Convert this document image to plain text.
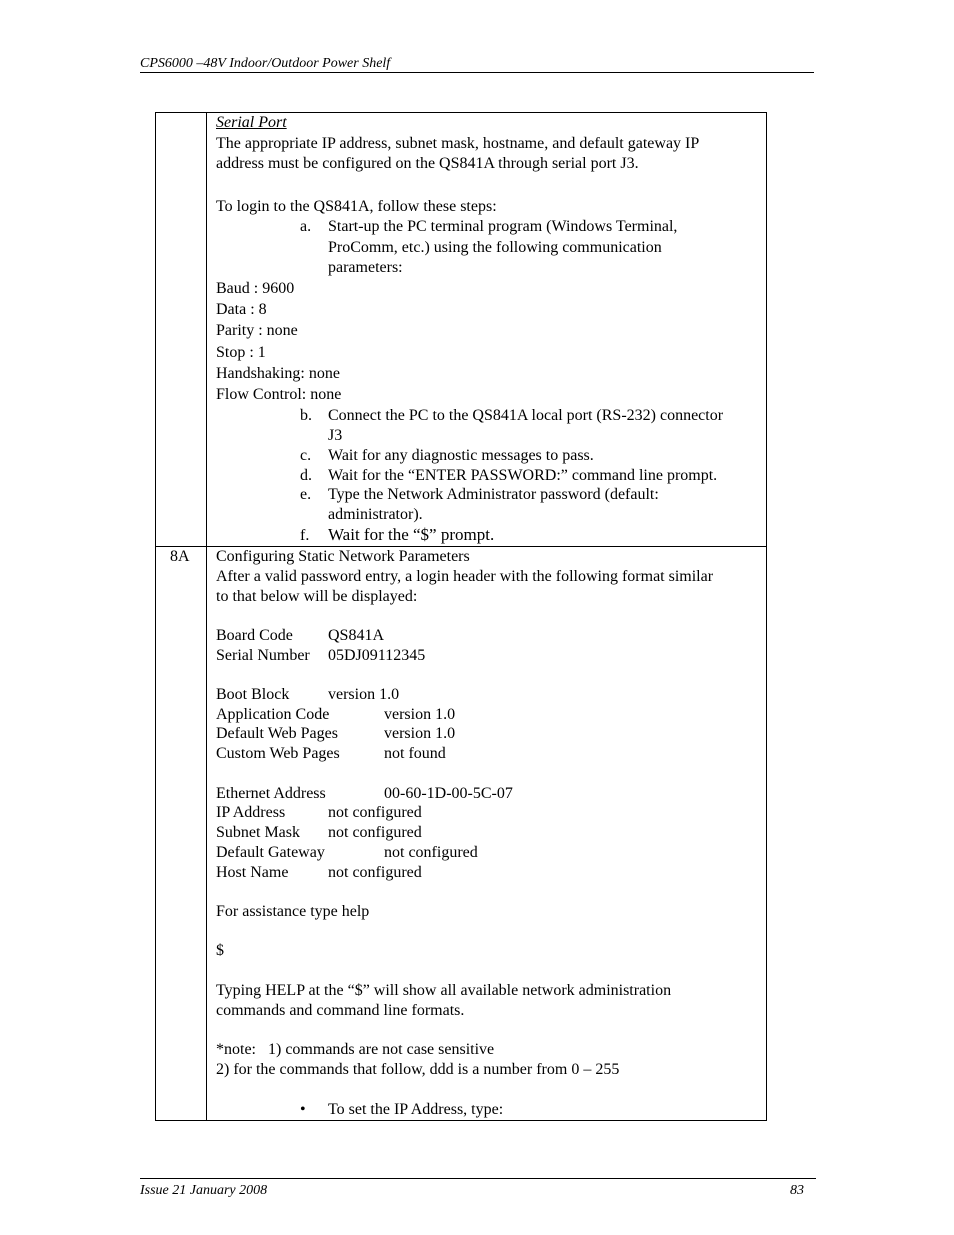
CPS6000 –48V Indoor/Outdoor Power Shelf
Serial Port
The appropriate IP address, subnet mask, hostname, and default gateway IP
address must be configured on the QS841A through serial port J3.
To login to the QS841A, follow these steps:
a. Start-up the PC terminal program (Windows Terminal,
ProComm, etc.) using the following communication
parameters:
Baud : 9600
Data : 8
Parity : none
Stop : 1
Handshaking: none
Flow Control: none
b. Connect the PC to the QS841A local port (RS-232) connector
J3
c. Wait for any diagnostic messages to pass.
d. Wait for the “ENTER PASSWORD:” command line prompt.
e. Type the Network Administrator password (default:
administrator).
f. Wait for the “$” prompt.
8A Configuring Static Network Parameters
After a valid password entry, a login header with the following format similar
to that below will be displayed:
Board Code QS841A
Serial Number 05DJ09112345
Boot Block version 1.0
Application Code	version 1.0
Default Web Pages	version 1.0
Custom Web Pages	not found
Ethernet Address	00-60-1D-00-5C-07
IP Address	not configured
Subnet Mask not configured
Default Gateway	not configured
Host Name not configured
For assistance type help
$
Typing HELP at the “$” will show all available network administration
commands and command line formats.
*note:   1) commands are not case sensitive
2) for the commands that follow, ddd is a number from 0 – 255
• To set the IP Address, type:
Issue 21 January 2008	83
